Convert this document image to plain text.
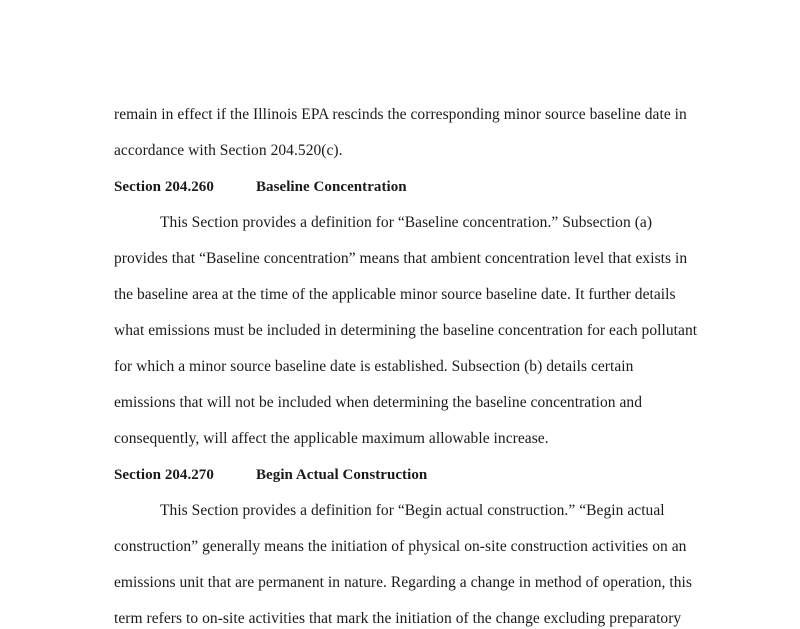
remain in effect if the Illinois EPA rescinds the corresponding minor source baseline date in
accordance with Section 204.520(c).
Section 204.260	Baseline Concentration
This Section provides a definition for “Baseline concentration.” Subsection (a)
provides that “Baseline concentration” means that ambient concentration level that exists in
the baseline area at the time of the applicable minor source baseline date. It further details
what emissions must be included in determining the baseline concentration for each pollutant
for which a minor source baseline date is established. Subsection (b) details certain
emissions that will not be included when determining the baseline concentration and
consequently, will affect the applicable maximum allowable increase.
Section 204.270	Begin Actual Construction
This Section provides a definition for “Begin actual construction.” “Begin actual
construction” generally means the initiation of physical on-site construction activities on an
emissions unit that are permanent in nature. Regarding a change in method of operation, this
term refers to on-site activities that mark the initiation of the change excluding preparatory
